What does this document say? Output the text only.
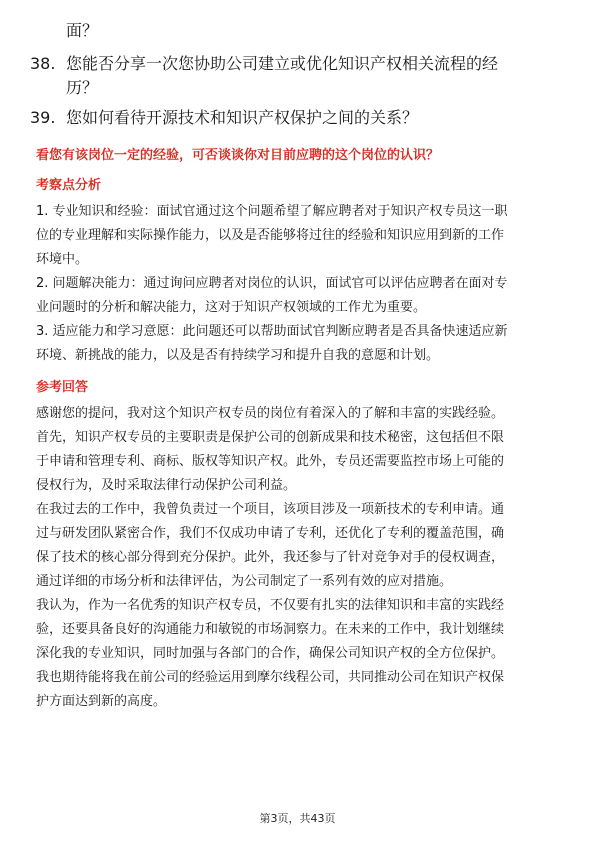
面？
38. 您能否分享一次您协助公司建立或优化知识产权相关流程的经
历？
39. 您如何看待开源技术和知识产权保护之间的关系？
看您有该岗位一定的经验，可否谈谈你对目前应聘的这个岗位的认识？
考察点分析
1. 专业知识和经验：面试官通过这个问题希望了解应聘者对于知识产权专员这一职
位的专业理解和实际操作能力，以及是否能够将过往的经验和知识应用到新的工作
环境中。
2. 问题解决能力：通过询问应聘者对岗位的认识，面试官可以评估应聘者在面对专
业问题时的分析和解决能力，这对于知识产权领域的工作尤为重要。
3. 适应能力和学习意愿：此问题还可以帮助面试官判断应聘者是否具备快速适应新
环境、新挑战的能力，以及是否有持续学习和提升自我的意愿和计划。
参考回答
感谢您的提问，我对这个知识产权专员的岗位有着深入的了解和丰富的实践经验。
首先，知识产权专员的主要职责是保护公司的创新成果和技术秘密，这包括但不限
于申请和管理专利、商标、版权等知识产权。此外，专员还需要监控市场上可能的
侵权行为，及时采取法律行动保护公司利益。
在我过去的工作中，我曾负责过一个项目，该项目涉及一项新技术的专利申请。通
过与研发团队紧密合作，我们不仅成功申请了专利，还优化了专利的覆盖范围，确
保了技术的核心部分得到充分保护。此外，我还参与了针对竞争对手的侵权调查，
通过详细的市场分析和法律评估，为公司制定了一系列有效的应对措施。
我认为，作为一名优秀的知识产权专员，不仅要有扎实的法律知识和丰富的实践经
验，还要具备良好的沟通能力和敏锐的市场洞察力。在未来的工作中，我计划继续
深化我的专业知识，同时加强与各部门的合作，确保公司知识产权的全方位保护。
我也期待能将我在前公司的经验运用到摩尔线程公司，共同推动公司在知识产权保
护方面达到新的高度。
第3页，共43页
